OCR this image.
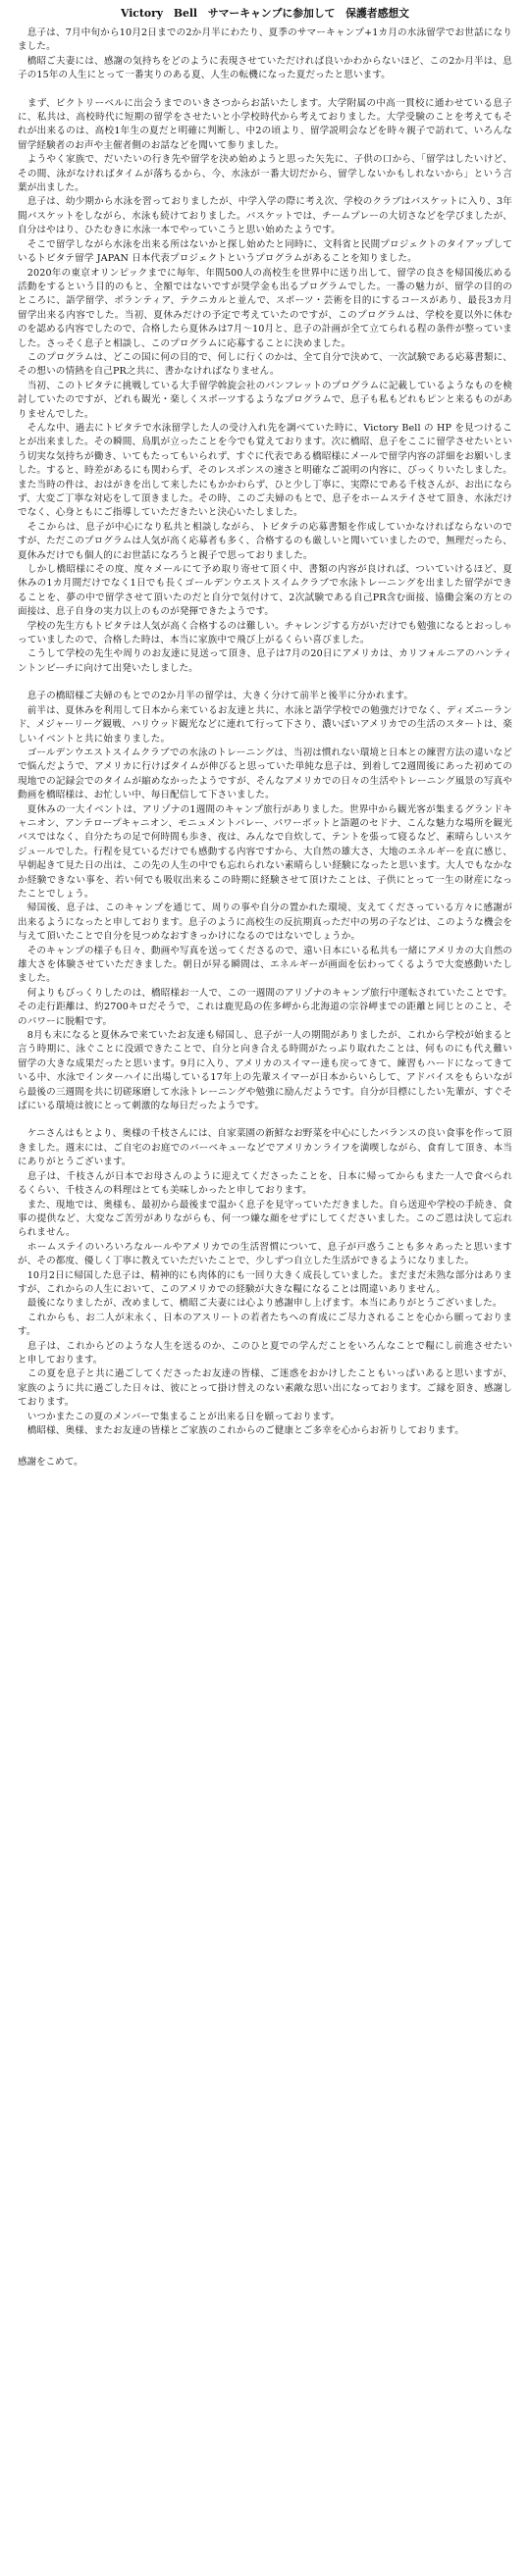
Victory　Bell　サマーキャンプに参加して　保護者感想文

　息子は、7月中旬から10月2日までの2か月半にわたり、夏季のサマーキャンプ+1カ月の水泳留学でお世話になりました。

　橋昭ご夫妻には、感謝の気持ちをどのように表現させていただければ良いかわからないほど、この2か月半は、息子の15年の人生にとって一番実りのある夏、人生の転機になった夏だったと思います。

　まず、ビクトリーベルに出会うまでのいきさつからお話いたします。大学附属の中高一貫校に通わせている息子に、私共は、高校時代に短期の留学をさせたいと小学校時代から考えておりました。大学受験のことを考えてもそれが出来るのは、高校1年生の夏だと明確に判断し、中2の頃より、留学説明会などを時々親子で訪れて、いろんな留学経験者のお声や主催者側のお話などを聞いて参りました。

　ようやく家族で、だいたいの行き先や留学を決め始めようと思った矢先に、子供の口から、「留学はしたいけど、その間、泳がなければタイムが落ちるから、今、水泳が一番大切だから、留学しないかもしれないから」という言葉が出ました。

　息子は、幼少期から水泳を習っておりましたが、中学入学の際に考え次、学校のクラブはバスケットに入り、3年間バスケットをしながら、水泳も続けておりました。バスケットでは、チームプレーの大切さなどを学びましたが、自分はやはり、ひたむきに水泳一本でやっていこうと思い始めたようです。

　そこで留学しながら水泳を出来る所はないかと探し始めたと同時に、文科省と民間プロジェクトのタイアップしているトビタテ留学 JAPAN 日本代表プロジェクトというプログラムがあることを知りました。

　2020年の東京オリンピックまでに毎年、年間500人の高校生を世界中に送り出して、留学の良さを帰国後広める活動をするという目的のもと、全額ではないですが奨学金も出るプログラムでした。一番の魅力が、留学の目的のところに、語学留学、ボランティア、テクニカルと並んで、スポーツ・芸術を目的にするコースがあり、最長3カ月留学出来る内容でした。当初、夏休みだけの予定で考えていたのですが、このプログラムは、学校を夏以外に休むのを認める内容でしたので、合格したら夏休みは7月～10月と、息子の計画が全て立てられる程の条件が整っていました。さっそく息子と相談し、このプログラムに応募することに決めました。

　このプログラムは、どこの国に何の目的で、何しに行くのかは、全て自分で決めて、一次試験である応募書類に、その想いの情熱を自己PR之共に、書かなければなりません。

　当初、このトビタテに挑戦している大手留学斡旋会社のパンフレットのプログラムに記載しているようなものを検討していたのですが、どれも観光・楽しくスポーツするようなプログラムで、息子も私もどれもピンと来るものがありませんでした。

　そんな中、過去にトビタテで水泳留学した人の受け入れ先を調べていた時に、Victory Bell の HP を見つけることが出来ました。その瞬間、鳥肌が立ったことを今でも覚えております。次に橋昭、息子をここに留学させたいという切実な気持ちが働き、いてもたってもいられず、すぐに代表である橋昭様にメールで留学内容の詳細をお願いしました。すると、時差があるにも関わらず、そのレスポンスの速さと明確なご説明の内容に、びっくりいたしました。また当時の件は、おはがきを出して来したにもかかわらず、ひと少し丁寧に、実際にである千枝さんが、お出にならず、大変ご丁寧な対応をして頂きました。その時、このご夫婦のもとで、息子をホームステイさせて頂き、水泳だけでなく、心身ともにご指導していただきたいと決心いたしました。

　そこからは、息子が中心になり私共と相談しながら、トビタテの応募書類を作成していかなければならないのですが、ただこのプログラムは人気が高く応募者も多く、合格するのも厳しいと聞いていましたので、無理だったら、夏休みだけでも個人的にお世話になろうと親子で思っておりました。

　しかし橋昭様にその度、度々メールにて予め取り寄せて頂く中、書類の内容が良ければ、ついていけるほど、夏休みの1カ月間だけでなく1日でも長くゴールデンウエストスイムクラブで水泳トレーニングを出ました留学ができることを、夢の中で留学させて頂いたのだと自分で気付けて、2次試験である自己PR含む面接、協働会案の方との面接は、息子自身の実力以上のものが発揮できたようです。

　学校の先生方もトビタテは人気が高く合格するのは難しい。チャレンジする方がいだけでも勉強になるとおっしゃっていましたので、合格した時は、本当に家族中で飛び上がるくらい喜びました。

　こうして学校の先生や周りのお友達に見送って頂き、息子は7月の20日にアメリカは、カリフォルニアのハンティントンビーチに向けて出発いたしました。

　息子の橋昭様ご夫婦のもとでの2か月半の留学は、大きく分けて前半と後半に分かれます。

　前半は、夏休みを利用して日本から来ているお友達と共に、水泳と語学学校での勉強だけでなく、ディズニーランド、メジャーリーグ観戦、ハリウッド観光などに連れて行って下さり、濃いぽいアメリカでの生活のスタートは、楽しいイベントと共に始まりました。

　ゴールデンウエストスイムクラブでの水泳のトレーニングは、当初は慣れない環境と日本との練習方法の違いなどで悩んだようで、アメリカに行けばタイムが伸びると思っていた単純な息子は、到着して2週間後にあった初めての現地での記録会でのタイムが縮めなかったようですが、そんなアメリカでの日々の生活やトレーニング風景の写真や動画を橋昭様は、お忙しい中、毎日配信して下さいました。

　夏休みの一大イベントは、アリゾナの1週間のキャンプ旅行がありました。世界中から観光客が集まるグランドキャニオン、アンテロープキャニオン、モニュメントバレー、パワーポットと語題のセドナ、こんな魅力な場所を観光バスではなく、自分たちの足で何時間も歩き、夜は、みんなで自炊して、テントを張って寝るなど、素晴らしいスケジュールでした。行程を見ているだけでも感動する内容ですから、大自然の雄大さ、大地のエネルギーを直に感じ、早朝起きて見た日の出は、この先の人生の中でも忘れられない素晴らしい経験になったと思います。大人でもなかなか経験できない事を、若い何でも吸収出来るこの時期に経験させて頂けたことは、子供にとって一生の財産になったことでしょう。

　帰国後、息子は、このキャンプを通じて、周りの事や自分の置かれた環境、支えてくださっている方々に感謝が出来るようになったと申しております。息子のように高校生の反抗期真っただ中の男の子などは、このような機会を与えて頂いたことで自分を見つめなおすきっかけになるのではないでしょうか。

　そのキャンプの様子も日々、動画や写真を送ってくださるので、遠い日本にいる私共も一緒にアメリカの大自然の雄大さを体験させていただきました。朝日が昇る瞬間は、エネルギーが画面を伝わってくるようで大変感動いたしました。

　何よりもびっくりしたのは、橋昭様お一人で、この一週間のアリゾナのキャンプ旅行中運転されていたことです。その走行距離は、約2700キロだそうで、これは鹿児島の佐多岬から北海道の宗谷岬までの距離と同じとのこと、そのパワーに脱帽です。

　8月も末になると夏休みで来ていたお友達も帰国し、息子が一人の期間がありましたが、これから学校が始まると言う時期に、泳ぐことに没頭できたことで、自分と向き合える時間がたっぷり取れたことは、何ものにも代え難い留学の大きな成果だったと思います。9月に入り、アメリカのスイマー達も戻ってきて、練習もハードになってきている中、水泳でインターハイに出場している17年上の先輩スイマーが日本からいらして、アドバイスをもらいながら最後の三週間を共に切磋琢磨して水泳トレーニングや勉強に励んだようです。自分が目標にしたい先輩が、すぐそばにいる環境は彼にとって刺激的な毎日だったようです。

　ケニさんはもとより、奥様の千枝さんには、自家菜園の新鮮なお野菜を中心にしたバランスの良い食事を作って頂きました。週末には、ご自宅のお庭でのバーベキューなどでアメリカンライフを満喫しながら、食育して頂き、本当にありがとうございます。

　息子は、千枝さんが日本でお母さんのように迎えてくださったことを、日本に帰ってからもまた一人で食べられるくらい、千枝さんの料理はとても美味しかったと申しております。

　また、現地では、奥様も、最初から最後まで温かく息子を見守っていただきました。自ら送迎や学校の手続き、食事の提供など、大変なご苦労がありながらも、何一つ嫌な顔をせずにしてくださいました。このご恩は決して忘れられません。

　ホームステイのいろいろなルールやアメリカでの生活習慣について、息子が戸惑うことも多々あったと思いますが、その都度、優しく丁寧に教えていただいたことで、少しずつ自立した生活ができるようになりました。

　10月2日に帰国した息子は、精神的にも肉体的にも一回り大きく成長していました。まだまだ未熟な部分はありますが、これからの人生において、このアメリカでの経験が大きな糧になることは間違いありません。

　最後になりましたが、改めまして、橋昭ご夫妻には心より感謝申し上げます。本当にありがとうございました。

　これからも、お二人が末永く、日本のアスリートの若者たちへの育成にご尽力されることを心から願っております。

　息子は、これからどのような人生を送るのか、このひと夏での学んだことをいろんなことで糧にし前進させたいと申しております。

　この夏を息子と共に過ごしてくださったお友達の皆様、ご迷惑をおかけしたこともいっぱいあると思いますが、家族のように共に過ごした日々は、彼にとって掛け替えのない素敵な思い出になっております。ご縁を頂き、感謝しております。

　いつかまたこの夏のメンバーで集まることが出来る日を願っております。

　橋昭様、奥様、またお友達の皆様とご家族のこれからのご健康とご多幸を心からお祈りしております。

感謝をこめて。
